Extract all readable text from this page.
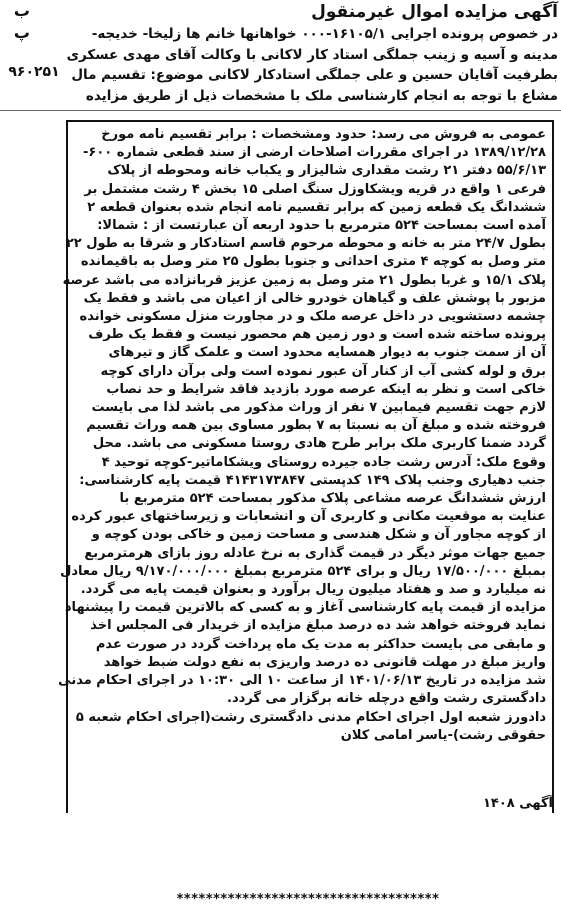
ب
پ

آگهی مزایده اموال غیرمنقول

در خصوص پرونده اجرایی ۱۶۱۰۵/۱-۰۰۰ خواهانها خانم ها زلیخا- خدیجه-

مدینه و آسیه و زینب جملگی استاد کار لاکانی با وکالت آقای مهدی عسکری

بطرفیت آقایان حسین و علی جملگی استادکار لاکانی موضوع: تقسیم مال

مشاع با توجه به انجام کارشناسی ملک با مشخصات ذیل از طریق مزایده

۹۶۰۲۵۱

عمومی به فروش می رسد: حدود ومشخصات : برابر تقسیم نامه مورخ

۱۳۸۹/۱۲/۲۸ در اجرای مقررات اصلاحات ارضی از سند قطعی شماره ۶۰۰-

۵۵/۶/۱۳ دفتر ۲۱ رشت مقداری شالیزار و یکباب خانه ومحوطه از پلاک

فرعی ۱ واقع در قریه ویشکاوزل سنگ اصلی ۱۵ بخش ۴ رشت مشتمل بر

ششدانگ یک قطعه زمین که برابر تقسیم نامه انجام شده بعنوان قطعه ۲

آمده است بمساحت ۵۲۴ مترمربع با حدود اربعه آن عبارتست از : شمالا:

بطول ۲۴/۷ متر به خانه و محوطه مرحوم قاسم استادکار و شرقا به طول ۲۲

متر وصل به کوچه ۴ متری احداثی و جنوبا بطول ۲۵ متر وصل به باقیمانده

پلاک ۱۵/۱ و غربا بطول ۲۱ متر وصل به زمین عزیز قربانزاده می باشد عرصه

مزبور با پوشش علف و گیاهان خودرو خالی از اعیان می باشد و فقط یک

چشمه دستشویی در داخل عرصه ملک و در مجاورت منزل مسکونی خوانده

پرونده ساخته شده است و دور زمین هم محصور نیست و فقط یک طرف

آن از سمت جنوب به دیوار همسایه محدود است و علمک گاز و تیرهای

برق و لوله کشی آب از کنار آن عبور نموده است ولی برآن دارای کوچه

خاکی است و نظر به اینکه عرصه مورد بازدید فاقد شرایط و حد نصاب

لازم جهت تقسیم فیمابین ۷ نفر از وراث مذکور می باشد لذا می بایست

فروخته شده و مبلغ آن به نسبتا به ۷ بطور مساوی بین همه وراث تقسیم

گردد ضمنا کاربری ملک برابر طرح هادی روستا مسکونی می باشد. محل

وقوع ملک: آدرس رشت جاده جیرده روستای ویشکاماتیر-کوچه توحید ۴

جنب دهیاری وجنب پلاک ۱۴۹ کدپستی ۴۱۴۳۱۷۳۸۴۷ قیمت پایه کارشناسی:

ارزش ششدانگ عرصه مشاعی پلاک مذکور بمساحت ۵۲۴ مترمربع با

عنایت به موقعیت مکانی و کاربری آن و انشعابات و زیرساختهای عبور کرده

از کوچه مجاور آن و شکل هندسی و مساحت زمین و خاکی بودن کوچه و

جمیع جهات موثر دیگر در قیمت گذاری به نرخ عادله روز بازای هرمترمربع

بمبلغ ۱۷/۵۰۰/۰۰۰ ریال و برای ۵۲۴ مترمربع بمبلغ ۹/۱۷۰/۰۰۰/۰۰۰ ریال معادل

نه میلیارد و صد و هفتاد میلیون ریال برآورد و بعنوان قیمت پایه می گردد.

مزایده از قیمت پایه کارشناسی آغاز و به کسی که بالاترین قیمت را پیشنهاد

نماید فروخته خواهد شد ده درصد مبلغ مزایده از خریدار فی المجلس اخذ

و مابقی می بایست حداکثر به مدت یک ماه پرداخت گردد در صورت عدم

واریز مبلغ در مهلت قانونی ده درصد واریزی به نفع دولت ضبط خواهد

شد مزایده در تاریخ ۱۴۰۱/۰۶/۱۳ از ساعت ۱۰ الی ۱۰:۳۰ در اجرای احکام مدنی

دادگستری رشت واقع درچله خانه برگزار می گردد.

دادورز شعبه اول اجرای احکام مدنی دادگستری رشت(اجرای احکام شعبه ۵

حقوقی رشت)-یاسر امامی کلان

************************************
آگهی ۱۴۰۸
